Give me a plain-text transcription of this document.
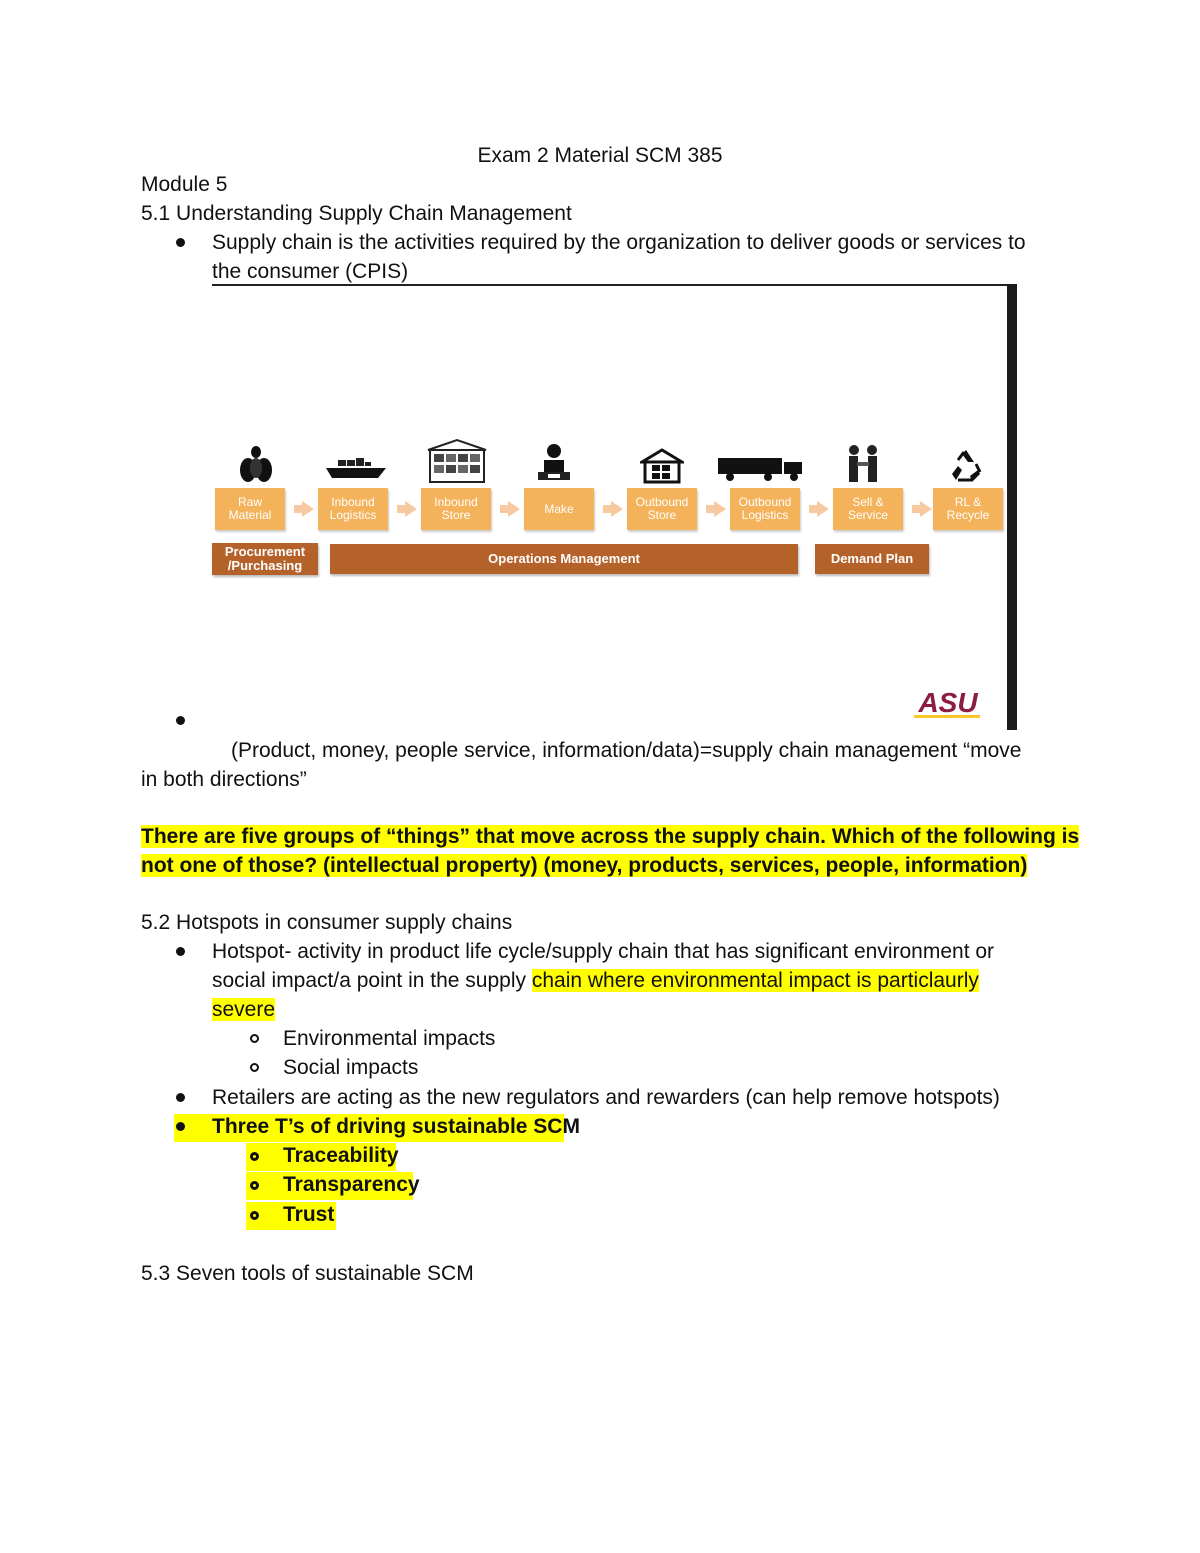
Exam 2 Material SCM 385
Module 5
5.1 Understanding Supply Chain Management
Supply chain is the activities required by the organization to deliver goods or services to
the consumer (CPIS)
Raw
Material
Inbound
Logistics
Inbound
Store	Make	Outbound
Store
Outbound
Logistics
Sell &
Service
RL &
Recycle
Procurement
/Purchasing	Operations Management	Demand Plan
ASU
(Product, money, people service, information/data)=supply chain management “move
in both directions”
There are five groups of “things” that move across the supply chain. Which of the following is
not one of those? (intellectual property) (money, products, services, people, information)
5.2 Hotspots in consumer supply chains
Hotspot- activity in product life cycle/supply chain that has significant environment or
social impact/a point in the supply chain where environmental impact is particlaurly
severe
Environmental impacts
Social impacts
Retailers are acting as the new regulators and rewarders (can help remove hotspots)
Three T’s of driving sustainable SCM
Traceability
Transparency
Trust
5.3 Seven tools of sustainable SCM
